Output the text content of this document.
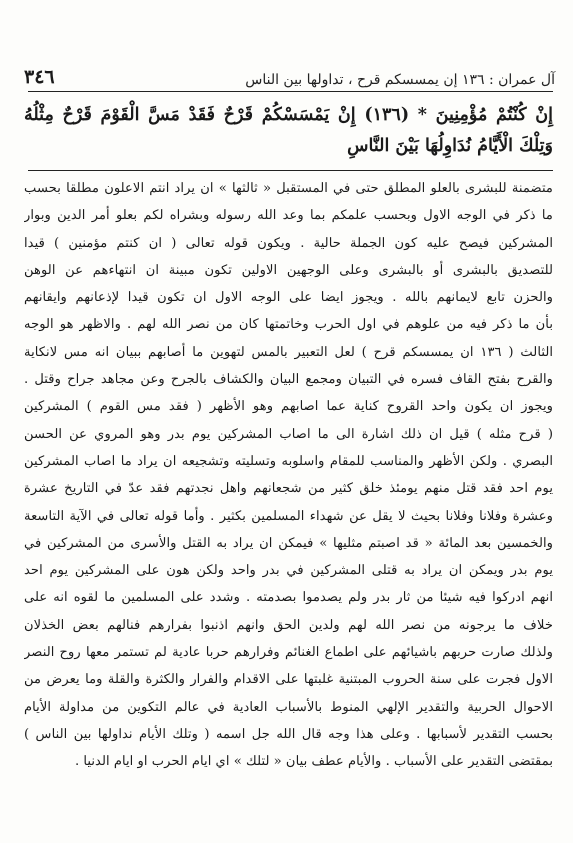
٣٤٦	آل عمران : ١٣٦ إن يمسسكم قرح ، تداولها بين الناس
إِنْ كُنْتُمْ مُؤْمِنِينَ * (١٣٦) إِنْ يَمْسَسْكُمْ قَرْحٌ فَقَدْ مَسَّ الْقَوْمَ قَرْحٌ مِثْلُهُ وَتِلْكَ الْأَيَّامُ نُدَاوِلُهَا بَيْنَ النَّاسِ
متضمنة للبشرى بالعلو المطلق حتى في المستقبل « ثالثها » ان يراد انتم الاعلون مطلقا بحسب
ما ذكر في الوجه الاول وبحسب علمكم بما وعد الله رسوله وبشراه لكم بعلو أمر الدين وبوار
المشركين فيصح عليه كون الجملة حالية . ويكون قوله تعالى ( ان كنتم مؤمنين ) قيدا
للتصديق بالبشرى أو بالبشرى وعلى الوجهين الاولين تكون مبينة ان انتهاءهم عن الوهن
والحزن تابع لايمانهم بالله . ويجوز ايضا على الوجه الاول ان تكون قيدا لإذعانهم وايقانهم
بأن ما ذكر فيه من علوهم في اول الحرب وخاتمتها كان من نصر الله لهم . والاظهر هو الوجه
الثالث ( ١٣٦ ان يمسسكم قرح ) لعل التعبير بالمس لتهوين ما أصابهم ببيان انه مس لانكاية
والقرح بفتح القاف فسره في التبيان ومجمع البيان والكشاف بالجرح وعن مجاهد جراح وقتل .
ويجوز ان يكون واحد القروح كناية عما اصابهم وهو الأظهر ( فقد مس القوم ) المشركين
( قرح مثله ) قيل ان ذلك اشارة الى ما اصاب المشركين يوم بدر وهو المروي عن الحسن
البصري . ولكن الأظهر والمناسب للمقام واسلوبه وتسليته وتشجيعه ان يراد ما اصاب المشركين
يوم احد فقد قتل منهم يومئذ خلق كثير من شجعانهم واهل نجدتهم فقد عدّ في التاريخ عشرة
وعشرة وفلانا وفلانا بحيث لا يقل عن شهداء المسلمين بكثير . وأما قوله تعالى في الآية التاسعة
والخمسين بعد المائة « قد اصبتم مثليها » فيمكن ان يراد به القتل والأسرى من المشركين في
يوم بدر ويمكن ان يراد به قتلى المشركين في بدر واحد ولكن هون على المشركين يوم احد
انهم ادركوا فيه شيئا من ثار بدر ولم يصدموا بصدمته . وشدد على المسلمين ما لقوه انه على
خلاف ما يرجونه من نصر الله لهم ولدين الحق وانهم اذنبوا بفرارهم فنالهم بعض الخذلان
ولذلك صارت حربهم باشيائهم على اطماع الغنائم وفرارهم حربا عادية لم تستمر معها روح النصر
الاول فجرت على سنة الحروب المبتنية غلبتها على الاقدام والفرار والكثرة والقلة وما يعرض من
الاحوال الحربية والتقدير الإلهي المنوط بالأسباب العادية في عالم التكوين من مداولة الأيام
بحسب التقدير لأسبابها . وعلى هذا وجه قال الله جل اسمه ( وتلك الأيام نداولها بين الناس )
بمقتضى التقدير على الأسباب . والأيام عطف بيان « لتلك » اي ايام الحرب او ايام الدنيا .
